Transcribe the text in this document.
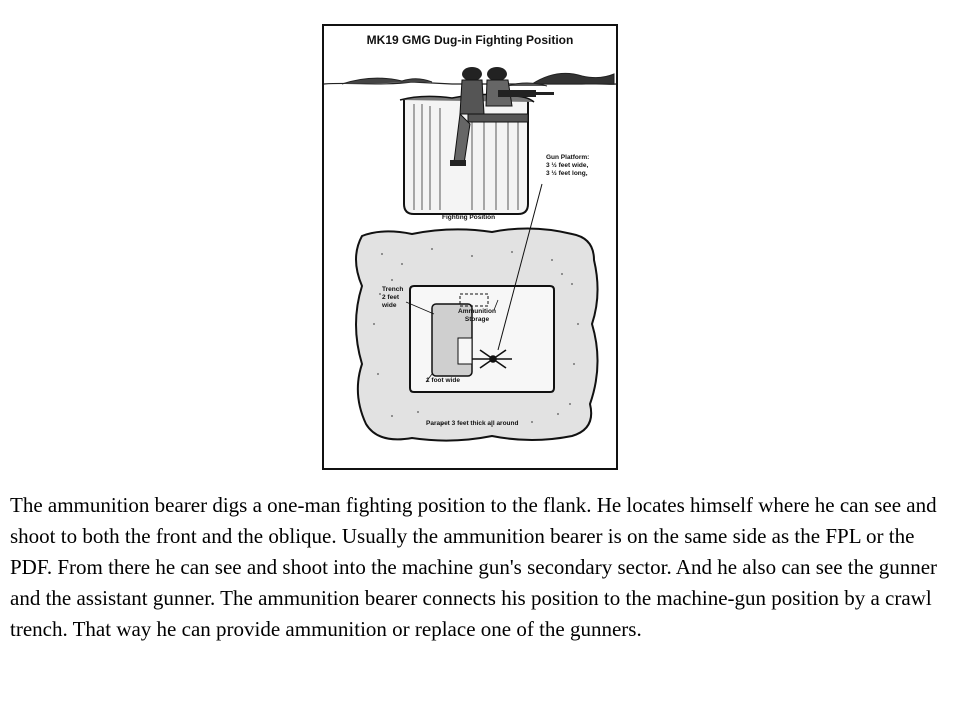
MK19 GMG Dug-in Fighting Position
Gun Platform:
3 ½ feet wide,
3 ½ feet long,
Fighting Position
Trench
2 feet
wide
Ammunition
Storage
1 foot wide
Parapet 3 feet thick all around

The ammunition bearer digs a one-man fighting position to the flank. He locates himself where he can see and shoot to both the front and the oblique. Usually the ammunition bearer is on the same side as the FPL or the PDF. From there he can see and shoot into the machine gun's secondary sector. And he also can see the gunner and the assistant gunner. The ammunition bearer connects his position to the machine-gun position by a crawl trench. That way he can provide ammunition or replace one of the gunners.
